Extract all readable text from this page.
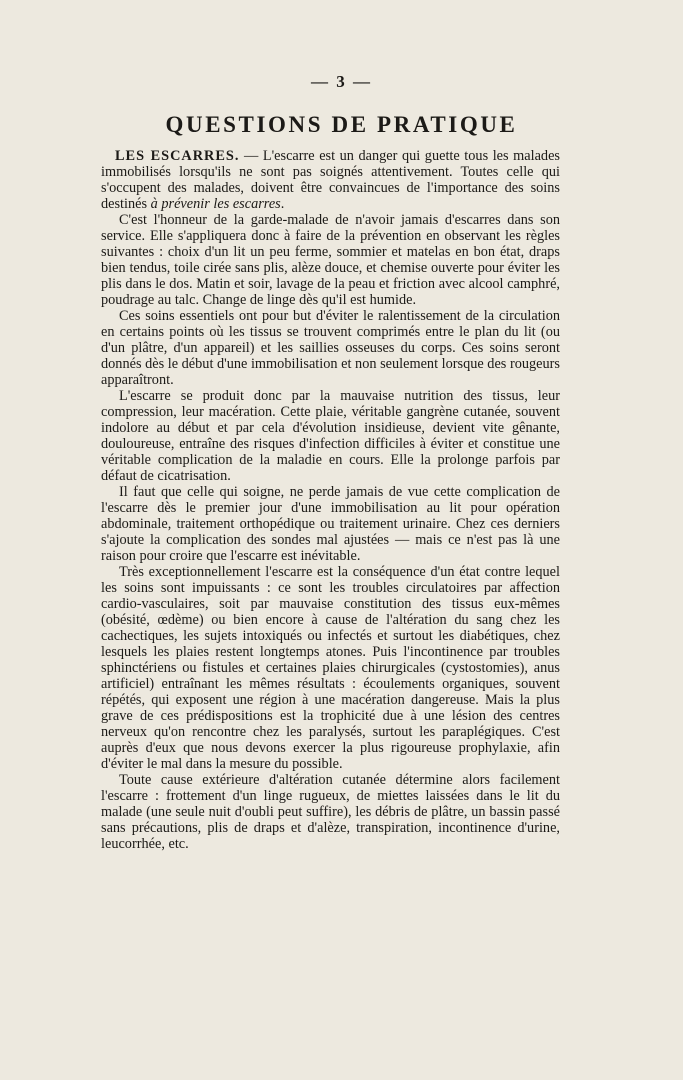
— 3 —
QUESTIONS DE PRATIQUE

LES ESCARRES. — L'escarre est un danger qui guette tous les malades immobilisés lorsqu'ils ne sont pas soignés attentivement. Toutes celle qui s'occupent des malades, doivent être convaincues de l'importance des soins destinés à prévenir les escarres.

C'est l'honneur de la garde-malade de n'avoir jamais d'escarres dans son service. Elle s'appliquera donc à faire de la prévention en observant les règles suivantes : choix d'un lit un peu ferme, sommier et matelas en bon état, draps bien tendus, toile cirée sans plis, alèze douce, et chemise ouverte pour éviter les plis dans le dos. Matin et soir, lavage de la peau et friction avec alcool camphré, poudrage au talc. Change de linge dès qu'il est humide.

Ces soins essentiels ont pour but d'éviter le ralentissement de la circulation en certains points où les tissus se trouvent comprimés entre le plan du lit (ou d'un plâtre, d'un appareil) et les saillies osseuses du corps. Ces soins seront donnés dès le début d'une immobilisation et non seulement lorsque des rougeurs apparaîtront.

L'escarre se produit donc par la mauvaise nutrition des tissus, leur compression, leur macération. Cette plaie, véritable gangrène cutanée, souvent indolore au début et par cela d'évolution insidieuse, devient vite gênante, douloureuse, entraîne des risques d'infection difficiles à éviter et constitue une véritable complication de la maladie en cours. Elle la prolonge parfois par défaut de cicatrisation.

Il faut que celle qui soigne, ne perde jamais de vue cette complication de l'escarre dès le premier jour d'une immobilisation au lit pour opération abdominale, traitement orthopédique ou traitement urinaire. Chez ces derniers s'ajoute la complication des sondes mal ajustées — mais ce n'est pas là une raison pour croire que l'escarre est inévitable.

Très exceptionnellement l'escarre est la conséquence d'un état contre lequel les soins sont impuissants : ce sont les troubles circulatoires par affection cardio-vasculaires, soit par mauvaise constitution des tissus eux-mêmes (obésité, œdème) ou bien encore à cause de l'altération du sang chez les cachectiques, les sujets intoxiqués ou infectés et surtout les diabétiques, chez lesquels les plaies restent longtemps atones. Puis l'incontinence par troubles sphinctériens ou fistules et certaines plaies chirurgicales (cystostomies), anus artificiel) entraînant les mêmes résultats : écoulements organiques, souvent répétés, qui exposent une région à une macération dangereuse. Mais la plus grave de ces prédispositions est la trophicité due à une lésion des centres nerveux qu'on rencontre chez les paralysés, surtout les paraplégiques. C'est auprès d'eux que nous devons exercer la plus rigoureuse prophylaxie, afin d'éviter le mal dans la mesure du possible.

Toute cause extérieure d'altération cutanée détermine alors facilement l'escarre : frottement d'un linge rugueux, de miettes laissées dans le lit du malade (une seule nuit d'oubli peut suffire), les débris de plâtre, un bassin passé sans précautions, plis de draps et d'alèze, transpiration, incontinence d'urine, leucorrhée, etc.
